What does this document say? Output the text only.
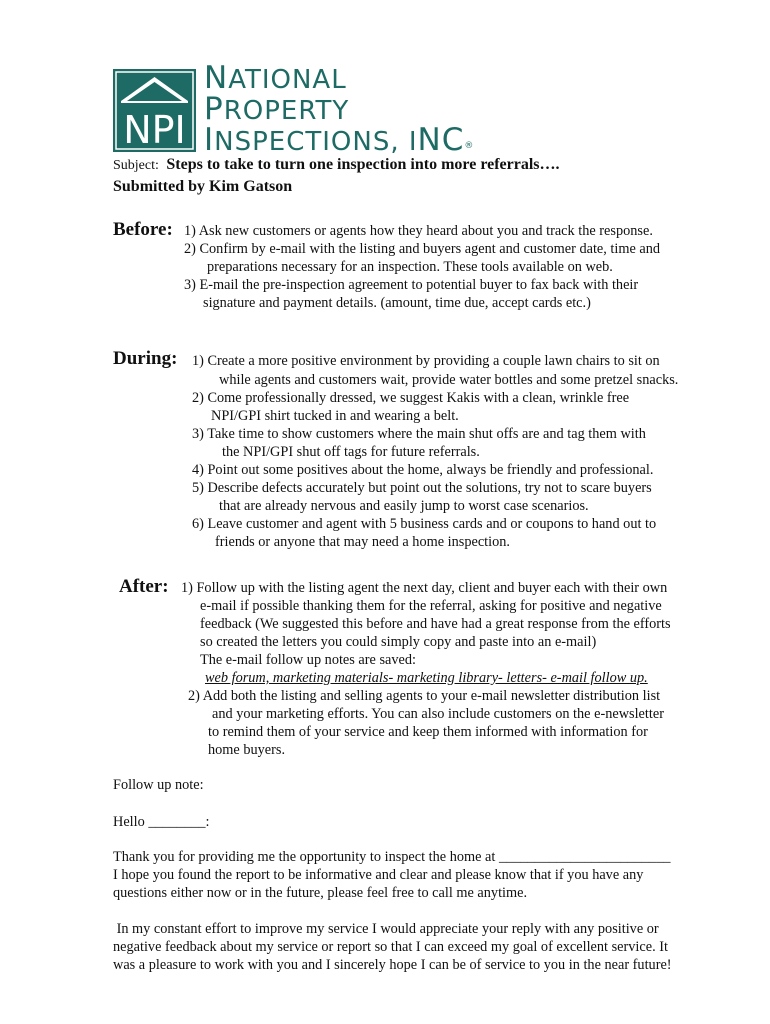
NPI
NATIONAL
PROPERTY
INSPECTIONS, INC®
Subject: Steps to take to turn one inspection into more referrals….
Submitted by Kim Gatson
Before: 1) Ask new customers or agents how they heard about you and track the response.
2) Confirm by e-mail with the listing and buyers agent and customer date, time and
preparations necessary for an inspection. These tools available on web.
3) E-mail the pre-inspection agreement to potential buyer to fax back with their
signature and payment details. (amount, time due, accept cards etc.)
During: 1) Create a more positive environment by providing a couple lawn chairs to sit on
while agents and customers wait, provide water bottles and some pretzel snacks.
2) Come professionally dressed, we suggest Kakis with a clean, wrinkle free
NPI/GPI shirt tucked in and wearing a belt.
3) Take time to show customers where the main shut offs are and tag them with
the NPI/GPI shut off tags for future referrals.
4) Point out some positives about the home, always be friendly and professional.
5) Describe defects accurately but point out the solutions, try not to scare buyers
that are already nervous and easily jump to worst case scenarios.
6) Leave customer and agent with 5 business cards and or coupons to hand out to
friends or anyone that may need a home inspection.
After: 1) Follow up with the listing agent the next day, client and buyer each with their own
e-mail if possible thanking them for the referral, asking for positive and negative
feedback (We suggested this before and have had a great response from the efforts
so created the letters you could simply copy and paste into an e-mail)
The e-mail follow up notes are saved:
web forum, marketing materials- marketing library- letters- e-mail follow up.
2) Add both the listing and selling agents to your e-mail newsletter distribution list
and your marketing efforts. You can also include customers on the e-newsletter
to remind them of your service and keep them informed with information for
home buyers.
Follow up note:
Hello ________:
Thank you for providing me the opportunity to inspect the home at ________________________
I hope you found the report to be informative and clear and please know that if you have any
questions either now or in the future, please feel free to call me anytime.
In my constant effort to improve my service I would appreciate your reply with any positive or
negative feedback about my service or report so that I can exceed my goal of excellent service. It
was a pleasure to work with you and I sincerely hope I can be of service to you in the near future!
